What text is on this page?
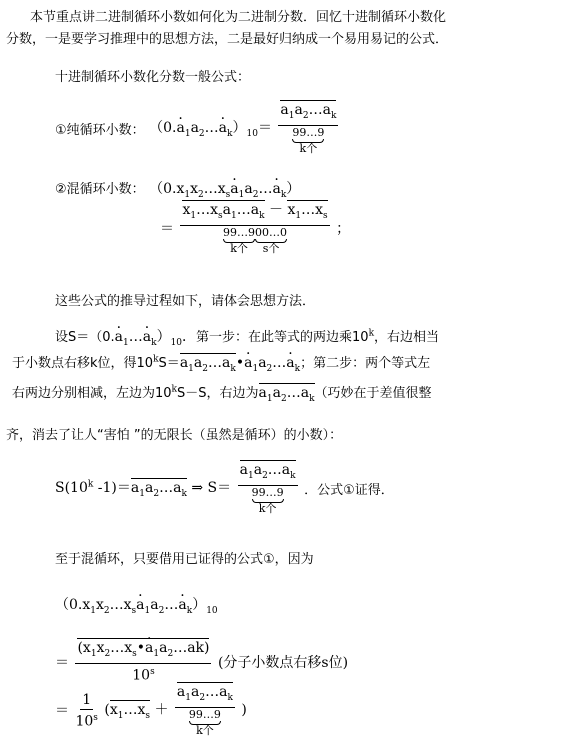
本节重点讲二进制循环小数如何化为二进制分数．回忆十进制循环小数化
分数，一是要学习推理中的思想方法，二是最好归纳成一个易用易记的公式．
十进制循环小数化分数一般公式：
①纯循环小数： $(0.a \cdot_1a_2\dots a \cdot_k)_{10}=$ $a_1a_2\dots a_k$
99…9
k个
②混循环小数： （$0.x_1x_2\dots x_sa$ $\cdot_1a_2\dots a \cdot_k$）
＝ $x_1\dots x_sa_1\dots a_k$ － $x_1\dots x_s$
99…9
k个
00…0
s个 ；
这些公式的推导过程如下，请体会思想方法．
设$S=(0.a \cdot_1\dots a \cdot_k)_{10}$．第一步：在此等式的两边乘10$^k$，右边相当
于小数点右移k位，得$10^kS=a_1a_2\dots a_k•a$ $\cdot_1a_2\dots a \cdot_k$；第二步：两个等式左
右两边分别相减，左边为$10^kS-S$，右边为$a_1a_2\dots a_k$（巧妙在于差值很整
齐，消去了让人“害怕 ”的无限长（虽然是循环）的小数）：
S(10$^k$ $-1)=a_1a_2\dots a_k$ ⇒ $S= a_1a_2\dots a_k$
99…9
k个 ．公式①证得．
至于混循环，只要借用已证得的公式①，因为
（$0.x_1x_2\dots x_sa$ $\cdot_1a_2\dots a \cdot_k)_{10}$
＝ $\frac{(x_1x_2\dots x_s•a \cdot_1a_2\dots ak)}{10^s}$ (分子小数点右移s位)
＝ $\frac{1}{10^s}$ ($x_1\dots x_s$ ＋ $a_1a_2\dots a_k$
99…9
k个 )
